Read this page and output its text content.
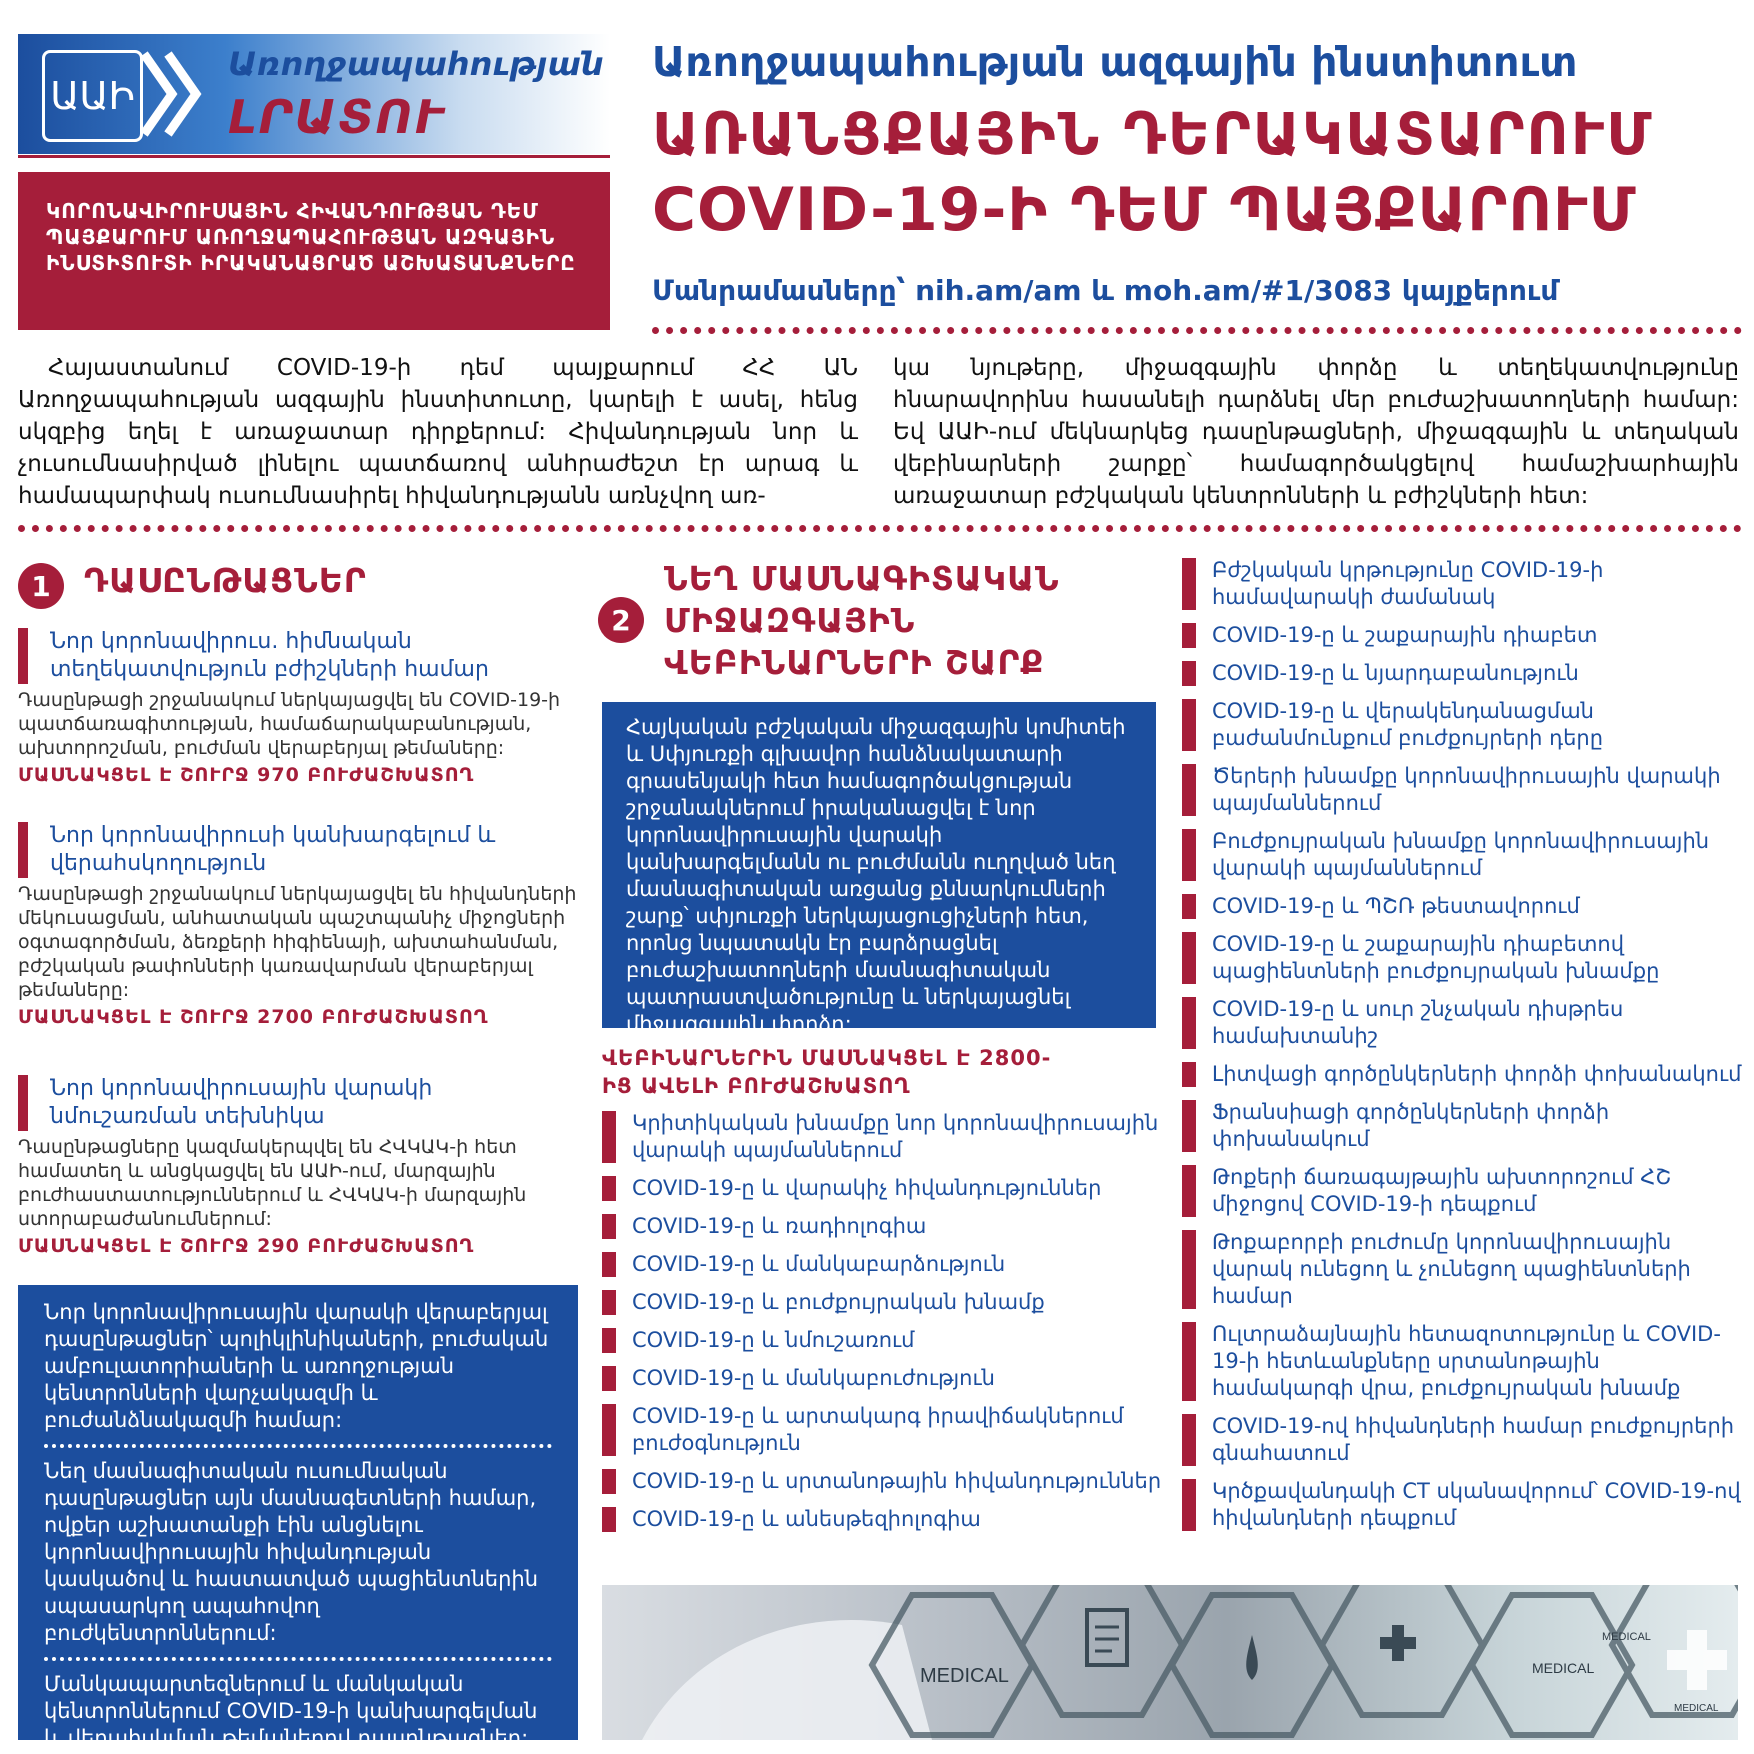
ԱԱԻ
Առողջապահության
ԼՐԱՏՈՒ
ԿՈՐՈՆԱՎԻՐՈՒՍԱՅԻՆ ՀԻՎԱՆԴՈՒԹՅԱՆ ԴԵՄ ՊԱՅՔԱՐՈՒՄ ԱՌՈՂՋԱՊԱՀՈՒԹՅԱՆ ԱԶԳԱՅԻՆ ԻՆՍՏԻՏՈՒՏԻ ԻՐԱԿԱՆԱՑՐԱԾ ԱՇԽԱՏԱՆՔՆԵՐԸ
Առողջապահության ազգային ինստիտուտ
ԱՌԱՆՑՔԱՅԻՆ ԴԵՐԱԿԱՏԱՐՈՒՄ
COVID-19-Ի ԴԵՄ ՊԱՅՔԱՐՈՒՄ
Մանրամասները՝ nih.am/am և moh.am/#1/3083 կայքերում
Հայաստանում COVID-19-ի դեմ պայքարում ՀՀ ԱՆ Առողջապահության ազգային ինստիտուտը, կարելի է ասել, հենց սկզբից եղել է առաջատար դիրքերում: Հիվանդության նոր և չուսումնասիրված լինելու պատճառով անհրաժեշտ էր արագ և համապարփակ ուսումնասիրել հիվանդությանն առնչվող առ-
կա նյութերը, միջազգային փորձը և տեղեկատվությունը հնարավորինս հասանելի դարձնել մեր բուժաշխատողների համար: Եվ ԱԱԻ-ում մեկնարկեց դասընթացների, միջազգային և տեղական վեբինարների շարքը՝ համագործակցելով համաշխարհային առաջատար բժշկական կենտրոնների և բժիշկների հետ:
1	ԴԱՍԸՆԹԱՑՆԵՐ
Նոր կորոնավիրուս. հիմնական տեղեկատվություն բժիշկների համար
Դասընթացի շրջանակում ներկայացվել են COVID-19-ի պատճառագիտության, համաճարակաբանության, ախտորոշման, բուժման վերաբերյալ թեմաները:
ՄԱՍՆԱԿՑԵԼ Է ՇՈՒՐՋ 970 ԲՈՒԺԱՇԽԱՏՈՂ
Նոր կորոնավիրուսի կանխարգելում և վերահսկողություն
Դասընթացի շրջանակում ներկայացվել են հիվանդների մեկուսացման, անհատական պաշտպանիչ միջոցների օգտագործման, ձեռքերի հիգիենայի, ախտահանման, բժշկական թափոնների կառավարման վերաբերյալ թեմաները:
ՄԱՍՆԱԿՑԵԼ Է ՇՈՒՐՋ 2700 ԲՈՒԺԱՇԽԱՏՈՂ
Նոր կորոնավիրուսային վարակի նմուշառման տեխնիկա
Դասընթացները կազմակերպվել են ՀՎԿԱԿ-ի հետ համատեղ և անցկացվել են ԱԱԻ-ում, մարզային բուժհաստատություններում և ՀՎԿԱԿ-ի մարզային ստորաբաժանումներում:
ՄԱՍՆԱԿՑԵԼ Է ՇՈՒՐՋ 290 ԲՈՒԺԱՇԽԱՏՈՂ
Նոր կորոնավիրուսային վարակի վերաբերյալ դասընթացներ՝ պոլիկլինիկաների, բուժական ամբուլատորիաների և առողջության կենտրոնների վարչակազմի և բուժանձնակազմի համար:
Նեղ մասնագիտական ուսումնական դասընթացներ այն մասնագետների համար, ովքեր աշխատանքի էին անցնելու կորոնավիրուսային հիվանդության կասկածով և հաստատված պացիենտներին սպասարկող ապահովող բուժկենտրոններում:
Մանկապարտեզներում և մանկական կենտրոններում COVID-19-ի կանխարգելման և վերահսկման թեմաներով դասընթացներ:
2
ՆԵՂ ՄԱՍՆԱԳԻՏԱԿԱՆ ՄԻՋԱԶԳԱՅԻՆ ՎԵԲԻՆԱՐՆԵՐԻ ՇԱՐՔ
Հայկական բժշկական միջազգային կոմիտեի և Սփյուռքի գլխավոր հանձնակատարի գրասենյակի հետ համագործակցության շրջանակներում իրականացվել է նոր կորոնավիրուսային վարակի կանխարգելմանն ու բուժմանն ուղղված նեղ մասնագիտական առցանց քննարկումների շարք՝ սփյուռքի ներկայացուցիչների հետ, որոնց նպատակն էր բարձրացնել բուժաշխատողների մասնագիտական պատրաստվածությունը և ներկայացնել միջազգային փորձը:
ՎԵԲԻՆԱՐՆԵՐԻՆ ՄԱՍՆԱԿՑԵԼ Է 2800-ԻՑ ԱՎԵԼԻ ԲՈՒԺԱՇԽԱՏՈՂ
Կրիտիկական խնամքը նոր կորոնավիրուսային վարակի պայմաններում
COVID-19-ը և վարակիչ հիվանդություններ
COVID-19-ը և ռադիոլոգիա
COVID-19-ը և մանկաբարձություն
COVID-19-ը և բուժքույրական խնամք
COVID-19-ը և նմուշառում
COVID-19-ը և մանկաբուժություն
COVID-19-ը և արտակարգ իրավիճակներում բուժօգնություն
COVID-19-ը և սրտանոթային հիվանդություններ
COVID-19-ը և անեսթեզիոլոգիա
Բժշկական կրթությունը COVID-19-ի համավարակի ժամանակ
COVID-19-ը և շաքարային դիաբետ
COVID-19-ը և նյարդաբանություն
COVID-19-ը և վերակենդանացման բաժանմունքում բուժքույրերի դերը
Ծերերի խնամքը կորոնավիրուսային վարակի պայմաններում
Բուժքույրական խնամքը կորոնավիրուսային վարակի պայմաններում
COVID-19-ը և ՊՇՌ թեստավորում
COVID-19-ը և շաքարային դիաբետով պացիենտների բուժքույրական խնամքը
COVID-19-ը և սուր շնչական դիսթրես համախտանիշ
Լիտվացի գործընկերների փորձի փոխանակում
Ֆրանսիացի գործընկերների փորձի փոխանակում
Թոքերի ճառագայթային ախտորոշում ՀՇ միջոցով COVID-19-ի դեպքում
Թոքաբորբի բուժումը կորոնավիրուսային վարակ ունեցող և չունեցող պացիենտների համար
Ուլտրաձայնային հետազոտությունը և COVID-19-ի հետևանքները սրտանոթային համակարգի վրա, բուժքույրական խնամք
COVID-19-ով հիվանդների համար բուժքույրերի գնահատում
Կրծքավանդակի CT սկանավորում՝ COVID-19-ով հիվանդների դեպքում
MEDICAL	MEDICAL
MEDICAL
MEDICAL
